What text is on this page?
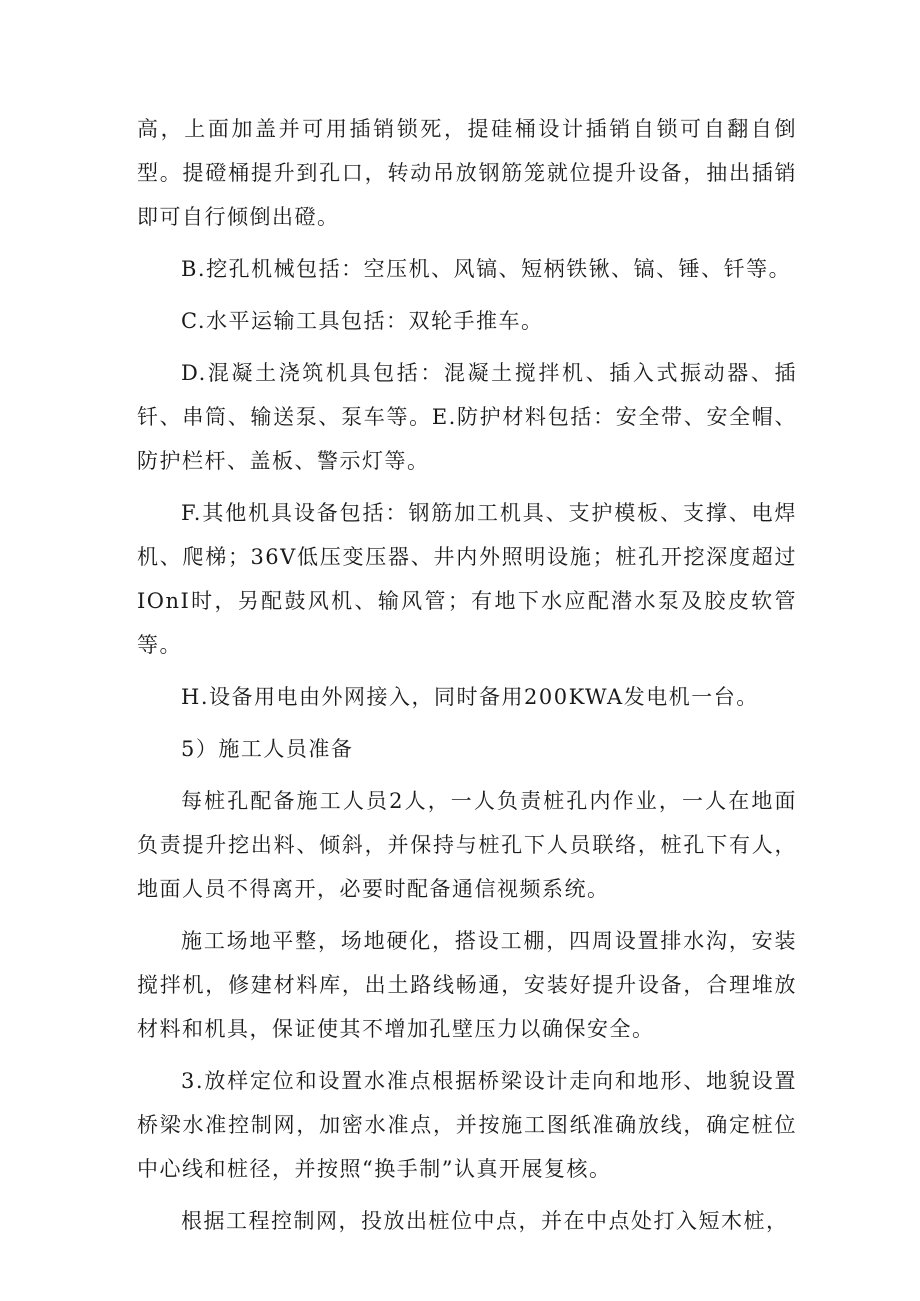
高，上面加盖并可用插销锁死，提硅桶设计插销自锁可自翻自倒型。提磴桶提升到孔口，转动吊放钢筋笼就位提升设备，抽出插销即可自行倾倒出磴。

B.挖孔机械包括：空压机、风镐、短柄铁锹、镐、锤、钎等。

C.水平运输工具包括：双轮手推车。

D.混凝土浇筑机具包括：混凝土搅拌机、插入式振动器、插钎、串筒、输送泵、泵车等。E.防护材料包括：安全带、安全帽、防护栏杆、盖板、警示灯等。

F.其他机具设备包括：钢筋加工机具、支护模板、支撑、电焊机、爬梯；36V低压变压器、井内外照明设施；桩孔开挖深度超过IOnI时，另配鼓风机、输风管；有地下水应配潜水泵及胶皮软管等。

H.设备用电由外网接入，同时备用200KWA发电机一台。

5）施工人员准备

每桩孔配备施工人员2人，一人负责桩孔内作业，一人在地面负责提升挖出料、倾斜，并保持与桩孔下人员联络，桩孔下有人，地面人员不得离开，必要时配备通信视频系统。

施工场地平整，场地硬化，搭设工棚，四周设置排水沟，安装搅拌机，修建材料库，出土路线畅通，安装好提升设备，合理堆放材料和机具，保证使其不增加孔壁压力以确保安全。

3.放样定位和设置水准点根据桥梁设计走向和地形、地貌设置桥梁水准控制网，加密水准点，并按施工图纸准确放线，确定桩位中心线和桩径，并按照“换手制”认真开展复核。

根据工程控制网，投放出桩位中点，并在中点处打入短木桩，
